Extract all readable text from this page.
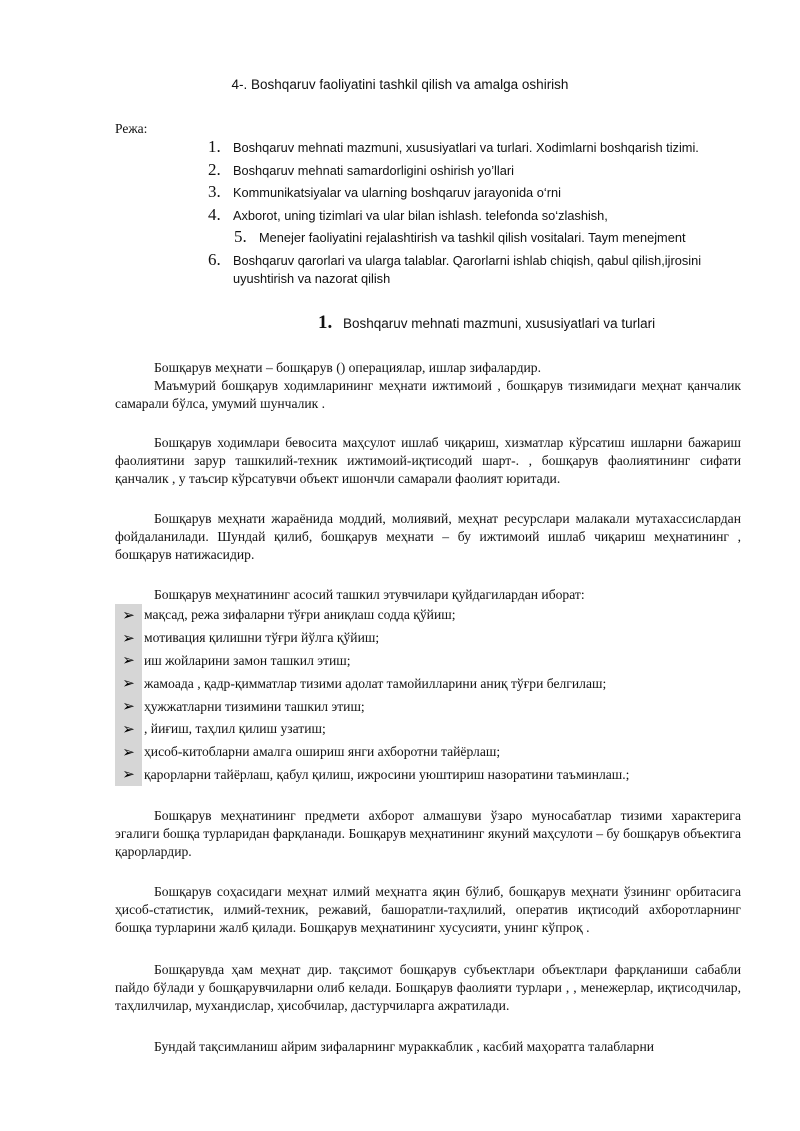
4-. Boshqaruv faoliyatini tashkil qilish va amalga oshirish
Режа:
1. Boshqaruv mehnati mazmuni, xususiyatlari va turlari. Xodimlarni boshqarish tizimi.
2. Boshqaruv mehnati samardorligini oshirish yo’llari
3. Kommunikatsiyalar va ularning boshqaruv jarayonida o‘rni
4. Axborot, uning tizimlari va ular bilan ishlash. telefonda so‘zlashish,
5. Menejer faoliyatini rejalashtirish va tashkil qilish vositalari. Taym menejment
6. Boshqaruv qarorlari va ularga talablar. Qarorlarni ishlab chiqish, qabul qilish,ijrosini uyushtirish va nazorat qilish
1. Boshqaruv mehnati mazmuni, xususiyatlari va turlari

Бошқарув меҳнати – бошқарув () операциялар, ишлар зифалардир.

Маъмурий бошқарув ходимларининг меҳнати ижтимоий , бошқарув тизимидаги меҳнат қанчалик самарали бўлса, умумий шунчалик .

Бошқарув ходимлари бевосита маҳсулот ишлаб чиқариш, хизматлар кўрсатиш ишларни бажариш фаолиятини зарур ташкилий-техник ижтимоий-иқтисодий шарт-. , бошқарув фаолиятининг сифати қанчалик , у таъсир кўрсатувчи объект ишончли самарали фаолият юритади.

Бошқарув меҳнати жараёнида моддий, молиявий, меҳнат ресурслари малакали мутахассислардан фойдаланилади. Шундай қилиб, бошқарув меҳнати – бу ижтимоий ишлаб чиқариш меҳнатининг , бошқарув натижасидир.

Бошқарув меҳнатининг асосий ташкил этувчилари қуйдагилардан иборат:

➢ мақсад, режа зифаларни тўғри аниқлаш содда қўйиш;
➢ мотивация қилишни тўғри йўлга қўйиш;
➢ иш жойларини замон ташкил этиш;
➢ жамоада , қадр-қимматлар тизими адолат тамойилларини аниқ тўғри белгилаш;
➢ ҳужжатларни тизимини ташкил этиш;
➢ , йиғиш, таҳлил қилиш узатиш;
➢ ҳисоб-китобларни амалга ошириш янги ахборотни тайёрлаш;
➢ қарорларни тайёрлаш, қабул қилиш, ижросини уюштириш назоратини таъминлаш.;

Бошқарув меҳнатининг предмети ахборот алмашуви ўзаро муносабатлар тизими характерига эгалиги бошқа турларидан фарқланади. Бошқарув меҳнатининг якуний маҳсулоти – бу бошқарув объектига қарорлардир.

Бошқарув соҳасидаги меҳнат илмий меҳнатга яқин бўлиб, бошқарув меҳнати ўзининг орбитасига ҳисоб-статистик, илмий-техник, режавий, башоратли-таҳлилий, оператив иқтисодий ахборотларнинг бошқа турларини жалб қилади. Бошқарув меҳнатининг хусусияти, унинг кўпроқ .

Бошқарувда ҳам меҳнат дир. тақсимот бошқарув субъектлари объектлари фарқланиши сабабли пайдо бўлади у бошқарувчиларни олиб келади. Бошқарув фаолияти турлари , , менежерлар, иқтисодчилар, таҳлилчилар, мухандислар, ҳисобчилар, дастурчиларга ажратилади.

Бундай тақсимланиш айрим зифаларнинг мураккаблик , касбий маҳоратга талабларни
